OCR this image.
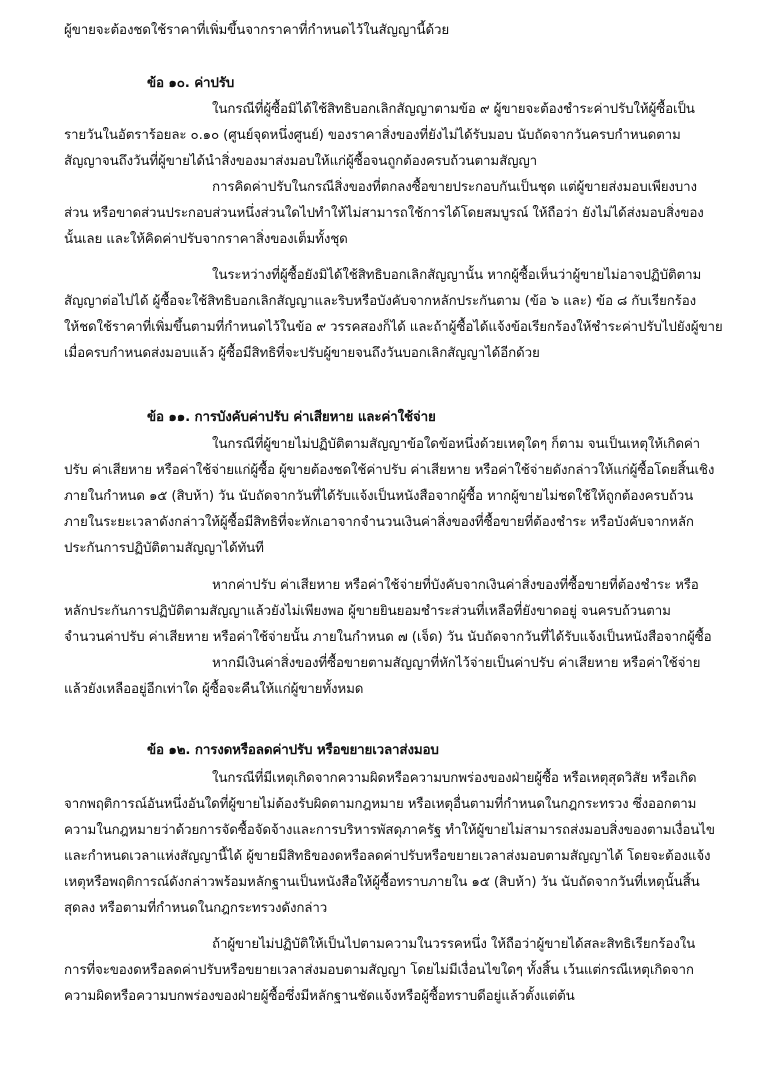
ผู้ขายจะต้องชดใช้ราคาที่เพิ่มขึ้นจากราคาที่กำหนดไว้ในสัญญานี้ด้วย

ข้อ ๑๐. ค่าปรับ

ในกรณีที่ผู้ซื้อมิได้ใช้สิทธิบอกเลิกสัญญาตามข้อ ๙ ผู้ขายจะต้องชำระค่าปรับให้ผู้ซื้อเป็น

รายวันในอัตราร้อยละ ๐.๑๐ (ศูนย์จุดหนึ่งศูนย์) ของราคาสิ่งของที่ยังไม่ได้รับมอบ นับถัดจากวันครบกำหนดตาม

สัญญาจนถึงวันที่ผู้ขายได้นำสิ่งของมาส่งมอบให้แก่ผู้ซื้อจนถูกต้องครบถ้วนตามสัญญา

การคิดค่าปรับในกรณีสิ่งของที่ตกลงซื้อขายประกอบกันเป็นชุด แต่ผู้ขายส่งมอบเพียงบาง

ส่วน หรือขาดส่วนประกอบส่วนหนึ่งส่วนใดไปทำให้ไม่สามารถใช้การได้โดยสมบูรณ์ ให้ถือว่า ยังไม่ได้ส่งมอบสิ่งของ

นั้นเลย และให้คิดค่าปรับจากราคาสิ่งของเต็มทั้งชุด

ในระหว่างที่ผู้ซื้อยังมิได้ใช้สิทธิบอกเลิกสัญญานั้น หากผู้ซื้อเห็นว่าผู้ขายไม่อาจปฏิบัติตาม

สัญญาต่อไปได้ ผู้ซื้อจะใช้สิทธิบอกเลิกสัญญาและริบหรือบังคับจากหลักประกันตาม (ข้อ ๖ และ) ข้อ ๘ กับเรียกร้อง

ให้ชดใช้ราคาที่เพิ่มขึ้นตามที่กำหนดไว้ในข้อ ๙ วรรคสองก็ได้ และถ้าผู้ซื้อได้แจ้งข้อเรียกร้องให้ชำระค่าปรับไปยังผู้ขาย

เมื่อครบกำหนดส่งมอบแล้ว ผู้ซื้อมีสิทธิที่จะปรับผู้ขายจนถึงวันบอกเลิกสัญญาได้อีกด้วย

ข้อ ๑๑. การบังคับค่าปรับ ค่าเสียหาย และค่าใช้จ่าย

ในกรณีที่ผู้ขายไม่ปฏิบัติตามสัญญาข้อใดข้อหนึ่งด้วยเหตุใดๆ ก็ตาม จนเป็นเหตุให้เกิดค่า

ปรับ ค่าเสียหาย หรือค่าใช้จ่ายแก่ผู้ซื้อ ผู้ขายต้องชดใช้ค่าปรับ ค่าเสียหาย หรือค่าใช้จ่ายดังกล่าวให้แก่ผู้ซื้อโดยสิ้นเชิง

ภายในกำหนด ๑๕ (สิบห้า) วัน นับถัดจากวันที่ได้รับแจ้งเป็นหนังสือจากผู้ซื้อ หากผู้ขายไม่ชดใช้ให้ถูกต้องครบถ้วน

ภายในระยะเวลาดังกล่าวให้ผู้ซื้อมีสิทธิที่จะหักเอาจากจำนวนเงินค่าสิ่งของที่ซื้อขายที่ต้องชำระ หรือบังคับจากหลัก

ประกันการปฏิบัติตามสัญญาได้ทันที

หากค่าปรับ ค่าเสียหาย หรือค่าใช้จ่ายที่บังคับจากเงินค่าสิ่งของที่ซื้อขายที่ต้องชำระ หรือ

หลักประกันการปฏิบัติตามสัญญาแล้วยังไม่เพียงพอ ผู้ขายยินยอมชำระส่วนที่เหลือที่ยังขาดอยู่ จนครบถ้วนตาม

จำนวนค่าปรับ ค่าเสียหาย หรือค่าใช้จ่ายนั้น ภายในกำหนด ๗ (เจ็ด) วัน นับถัดจากวันที่ได้รับแจ้งเป็นหนังสือจากผู้ซื้อ

หากมีเงินค่าสิ่งของที่ซื้อขายตามสัญญาที่หักไว้จ่ายเป็นค่าปรับ ค่าเสียหาย หรือค่าใช้จ่าย

แล้วยังเหลืออยู่อีกเท่าใด ผู้ซื้อจะคืนให้แก่ผู้ขายทั้งหมด

ข้อ ๑๒. การงดหรือลดค่าปรับ หรือขยายเวลาส่งมอบ

ในกรณีที่มีเหตุเกิดจากความผิดหรือความบกพร่องของฝ่ายผู้ซื้อ หรือเหตุสุดวิสัย หรือเกิด

จากพฤติการณ์อันหนึ่งอันใดที่ผู้ขายไม่ต้องรับผิดตามกฎหมาย หรือเหตุอื่นตามที่กำหนดในกฎกระทรวง ซึ่งออกตาม

ความในกฎหมายว่าด้วยการจัดซื้อจัดจ้างและการบริหารพัสดุภาครัฐ ทำให้ผู้ขายไม่สามารถส่งมอบสิ่งของตามเงื่อนไข

และกำหนดเวลาแห่งสัญญานี้ได้ ผู้ขายมีสิทธิของดหรือลดค่าปรับหรือขยายเวลาส่งมอบตามสัญญาได้ โดยจะต้องแจ้ง

เหตุหรือพฤติการณ์ดังกล่าวพร้อมหลักฐานเป็นหนังสือให้ผู้ซื้อทราบภายใน ๑๕ (สิบห้า) วัน นับถัดจากวันที่เหตุนั้นสิ้น

สุดลง หรือตามที่กำหนดในกฎกระทรวงดังกล่าว

ถ้าผู้ขายไม่ปฏิบัติให้เป็นไปตามความในวรรคหนึ่ง ให้ถือว่าผู้ขายได้สละสิทธิเรียกร้องใน

การที่จะของดหรือลดค่าปรับหรือขยายเวลาส่งมอบตามสัญญา โดยไม่มีเงื่อนไขใดๆ ทั้งสิ้น เว้นแต่กรณีเหตุเกิดจาก

ความผิดหรือความบกพร่องของฝ่ายผู้ซื้อซึ่งมีหลักฐานชัดแจ้งหรือผู้ซื้อทราบดีอยู่แล้วตั้งแต่ต้น
